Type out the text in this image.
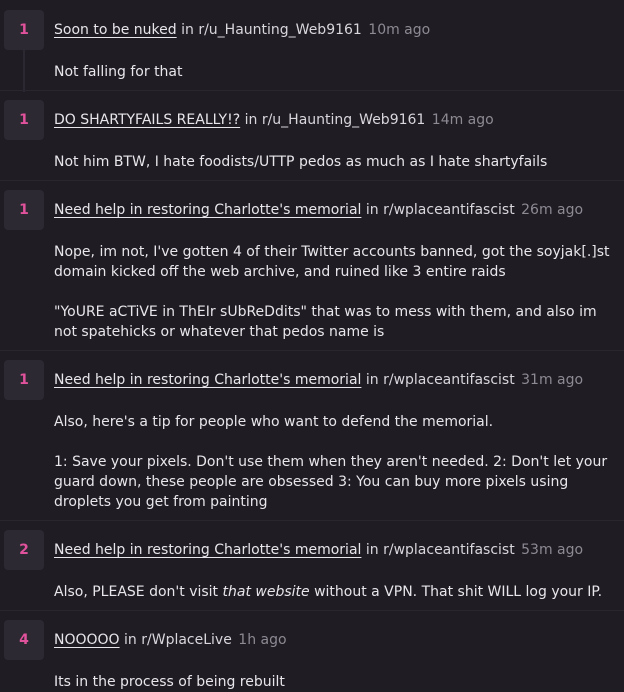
1 Soon to be nuked in r/u_Haunting_Web9161 10m ago

Not falling for that

1 DO SHARTYFAILS REALLY!? in r/u_Haunting_Web9161 14m ago

Not him BTW, I hate foodists/UTTP pedos as much as I hate shartyfails

1 Need help in restoring Charlotte's memorial in r/wplaceantifascist 26m ago

Nope, im not, I've gotten 4 of their Twitter accounts banned, got the soyjak[.]st domain kicked off the web archive, and ruined like 3 entire raids

"YoURE aCTiVE in ThEIr sUbReDdits" that was to mess with them, and also im not spatehicks or whatever that pedos name is

1 Need help in restoring Charlotte's memorial in r/wplaceantifascist 31m ago

Also, here's a tip for people who want to defend the memorial.

1: Save your pixels. Don't use them when they aren't needed. 2: Don't let your guard down, these people are obsessed 3: You can buy more pixels using droplets you get from painting

2 Need help in restoring Charlotte's memorial in r/wplaceantifascist 53m ago

Also, PLEASE don't visit that website without a VPN. That shit WILL log your IP.

4 NOOOOO in r/WplaceLive 1h ago

Its in the process of being rebuilt
